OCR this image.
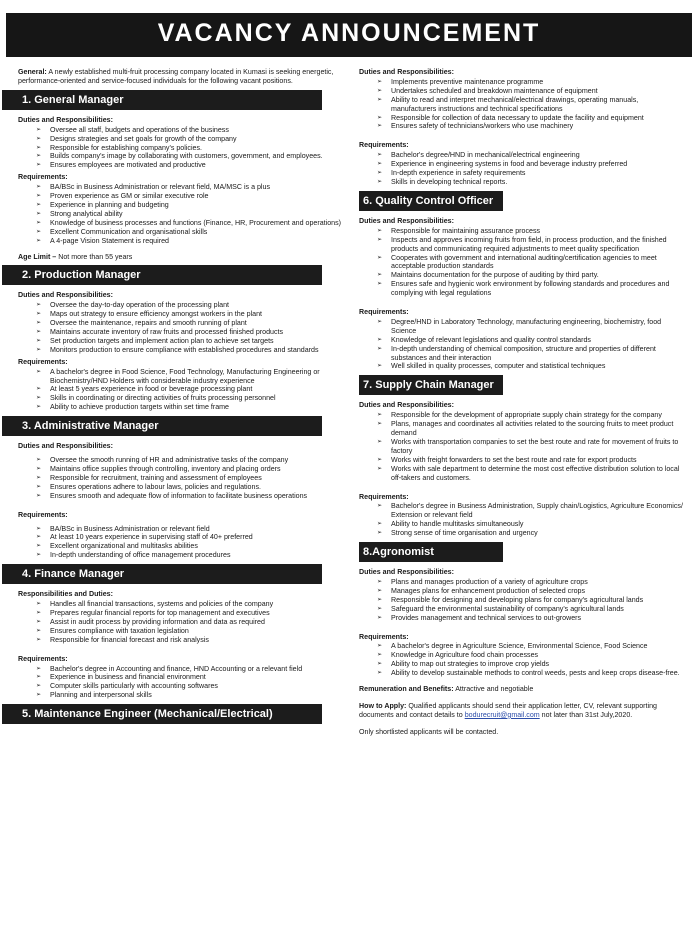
VACANCY ANNOUNCEMENT

General: A newly established multi-fruit processing company located in Kumasi is seeking energetic, performance-oriented and service-focused individuals for the following vacant positions.

1. General Manager
Duties and Responsibilities:
➢ Oversee all staff, budgets and operations of the business
➢ Designs strategies and set goals for growth of the company
➢ Responsible for establishing company's policies.
➢ Builds company's image by collaborating with customers, government, and employees.
➢ Ensures employees are motivated and productive
Requirements:
➢ BA/BSc in Business Administration or relevant field, MA/MSC is a plus
➢ Proven experience as GM or similar executive role
➢ Experience in planning and budgeting
➢ Strong analytical ability
➢ Knowledge of business processes and functions (Finance, HR, Procurement and operations)
➢ Excellent Communication and organisational skills
➢ A 4-page Vision Statement is required

Age Limit – Not more than 55 years

2. Production Manager
Duties and Responsibilities:
➢ Oversee the day-to-day operation of the processing plant
➢ Maps out strategy to ensure efficiency amongst workers in the plant
➢ Oversee the maintenance, repairs and smooth running of plant
➢ Maintains accurate inventory of raw fruits and processed finished products
➢ Set production targets and implement action plan to achieve set targets
➢ Monitors production to ensure compliance with established procedures and standards
Requirements:
➢ A bachelor's degree in Food Science, Food Technology, Manufacturing Engineering or Biochemistry/HND Holders with considerable industry experience
➢ At least 5 years experience in food or beverage processing plant
➢ Skills in coordinating or directing activities of fruits processing personnel
➢ Ability to achieve production targets within set time frame
3. Administrative Manager
Duties and Responsibilities:
➢ Oversee the smooth running of HR and administrative tasks of the company
➢ Maintains office supplies through controlling, inventory and placing orders
➢ Responsible for recruitment, training and assessment of employees
➢ Ensures operations adhere to labour laws, policies and regulations.
➢ Ensures smooth and adequate flow of information to facilitate business operations
Requirements:
➢ BA/BSc in Business Administration or relevant field
➢ At least 10 years experience in supervising staff of 40+ preferred
➢ Excellent organizational and multitasks abilities
➢ In-depth understanding of office management procedures
4. Finance Manager
Responsibilities and Duties:
➢ Handles all financial transactions, systems and policies of the company
➢ Prepares regular financial reports for top management and executives
➢ Assist in audit process by providing information and data as required
➢ Ensures compliance with taxation legislation
➢ Responsible for financial forecast and risk analysis
Requirements:
➢ Bachelor's degree in Accounting and finance, HND Accounting or a relevant field
➢ Experience in business and financial environment
➢ Computer skills particularly with accounting softwares
➢ Planning and interpersonal skills
5. Maintenance Engineer (Mechanical/Electrical)
Duties and Responsibilities:
➢ Implements preventive maintenance programme
➢ Undertakes scheduled and breakdown maintenance of equipment
➢ Ability to read and interpret mechanical/electrical drawings, operating manuals, manufacturers instructions and technical specifications
➢ Responsible for collection of data necessary to update the facility and equipment
➢ Ensures safety of technicians/workers who use machinery
Requirements:
➢ Bachelor's degree/HND in mechanical/electrical engineering
➢ Experience in engineering systems in food and beverage industry preferred
➢ In-depth experience in safety requirements
➢ Skills in developing technical reports.
6. Quality Control Officer
Duties and Responsibilities:
➢ Responsible for maintaining assurance process
➢ Inspects and approves incoming fruits from field, in process production, and the finished products and communicating required adjustments to meet quality specification
➢ Cooperates with government and international auditing/certification agencies to meet acceptable production standards
➢ Maintains documentation for the purpose of auditing by third party.
➢ Ensures safe and hygienic work environment by following standards and procedures and complying with legal regulations
Requirements:
➢ Degree/HND in Laboratory Technology, manufacturing engineering, biochemistry, food Science
➢ Knowledge of relevant legislations and quality control standards
➢ In-depth understanding of chemical composition, structure and properties of different substances and their interaction
➢ Well skilled in quality processes, computer and statistical techniques
7. Supply Chain Manager
Duties and Responsibilities:
➢ Responsible for the development of appropriate supply chain strategy for the company
➢ Plans, manages and coordinates all activities related to the sourcing fruits to meet product demand
➢ Works with transportation companies to set the best route and rate for movement of fruits to factory
➢ Works with freight forwarders to set the best route and rate for export products
➢ Works with sale department to determine the most cost effective distribution solution to local off-takers and customers.
Requirements:
➢ Bachelor's degree in Business Administration, Supply chain/Logistics, Agriculture Economics/ Extension or relevant field
➢ Ability to handle multitasks simultaneously
➢ Strong sense of time organisation and urgency
8.Agronomist
Duties and Responsibilities:
➢ Plans and manages production of a variety of agriculture crops
➢ Manages plans for enhancement production of selected crops
➢ Responsible for designing and developing plans for company's agricultural lands
➢ Safeguard the environmental sustainability of company's agricultural lands
➢ Provides management and technical services to out-growers
Requirements:
➢ A bachelor's degree in Agriculture Science, Environmental Science, Food Science
➢ Knowledge in Agriculture food chain processes
➢ Ability to map out strategies to improve crop yields
➢ Ability to develop sustainable methods to control weeds, pests and keep crops disease-free.

Remuneration and Benefits: Attractive and negotiable

How to Apply: Qualified applicants should send their application letter, CV, relevant supporting documents and contact details to bodurecruit@gmail.com not later than 31st July,2020.

Only shortlisted applicants will be contacted.
